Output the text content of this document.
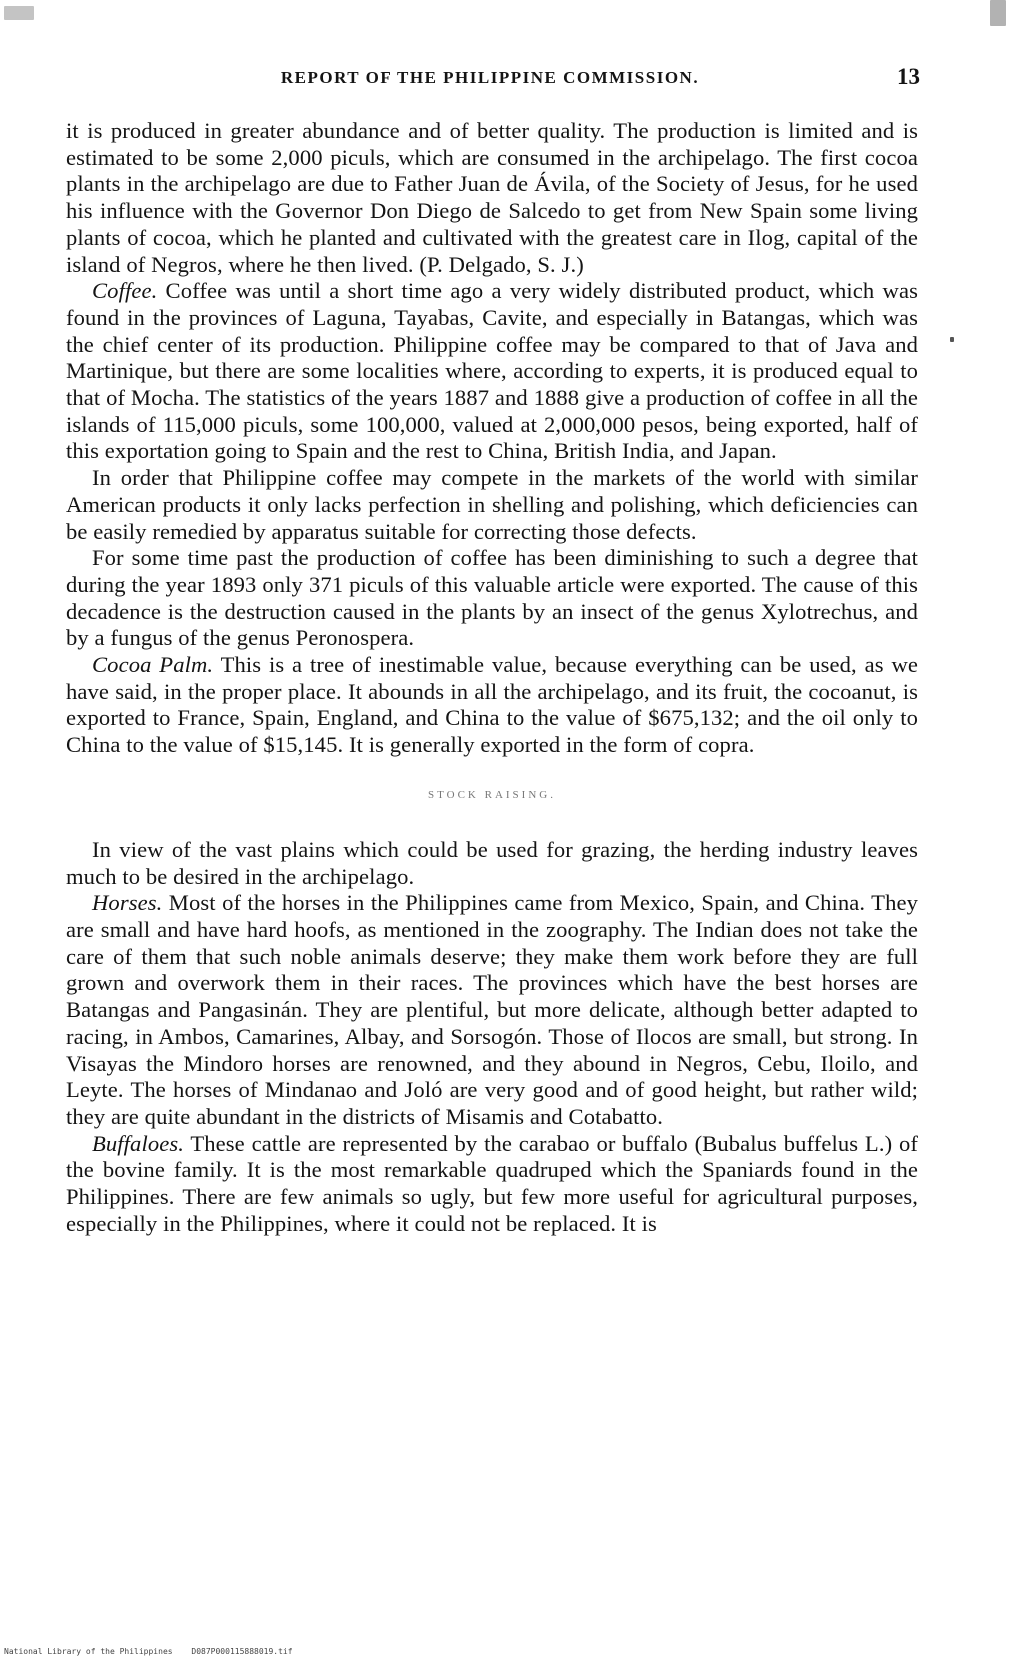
REPORT OF THE PHILIPPINE COMMISSION.	13

it is produced in greater abundance and of better quality. The production is limited and is estimated to be some 2,000 piculs, which are consumed in the archipelago. The first cocoa plants in the archipelago are due to Father Juan de Ávila, of the Society of Jesus, for he used his influence with the Governor Don Diego de Salcedo to get from New Spain some living plants of cocoa, which he planted and cultivated with the greatest care in Ilog, capital of the island of Negros, where he then lived. (P. Delgado, S. J.)

Coffee. Coffee was until a short time ago a very widely distributed product, which was found in the provinces of Laguna, Tayabas, Cavite, and especially in Batangas, which was the chief center of its production. Philippine coffee may be compared to that of Java and Martinique, but there are some localities where, according to experts, it is produced equal to that of Mocha. The statistics of the years 1887 and 1888 give a production of coffee in all the islands of 115,000 piculs, some 100,000, valued at 2,000,000 pesos, being exported, half of this exportation going to Spain and the rest to China, British India, and Japan.

In order that Philippine coffee may compete in the markets of the world with similar American products it only lacks perfection in shelling and polishing, which deficiencies can be easily remedied by apparatus suitable for correcting those defects.

For some time past the production of coffee has been diminishing to such a degree that during the year 1893 only 371 piculs of this valuable article were exported. The cause of this decadence is the destruction caused in the plants by an insect of the genus Xylotrechus, and by a fungus of the genus Peronospera.

Cocoa Palm. This is a tree of inestimable value, because everything can be used, as we have said, in the proper place. It abounds in all the archipelago, and its fruit, the cocoanut, is exported to France, Spain, England, and China to the value of $675,132; and the oil only to China to the value of $15,145. It is generally exported in the form of copra.

STOCK RAISING.

In view of the vast plains which could be used for grazing, the herding industry leaves much to be desired in the archipelago.

Horses. Most of the horses in the Philippines came from Mexico, Spain, and China. They are small and have hard hoofs, as mentioned in the zoography. The Indian does not take the care of them that such noble animals deserve; they make them work before they are full grown and overwork them in their races. The provinces which have the best horses are Batangas and Pangasinán. They are plentiful, but more delicate, although better adapted to racing, in Ambos, Camarines, Albay, and Sorsogón. Those of Ilocos are small, but strong. In Visayas the Mindoro horses are renowned, and they abound in Negros, Cebu, Iloilo, and Leyte. The horses of Mindanao and Joló are very good and of good height, but rather wild; they are quite abundant in the districts of Misamis and Cotabatto.

Buffaloes. These cattle are represented by the carabao or buffalo (Bubalus buffelus L.) of the bovine family. It is the most remarkable quadruped which the Spaniards found in the Philippines. There are few animals so ugly, but few more useful for agricultural purposes, especially in the Philippines, where it could not be replaced. It is

National Library of the Philippines D087P000115888019.tif
